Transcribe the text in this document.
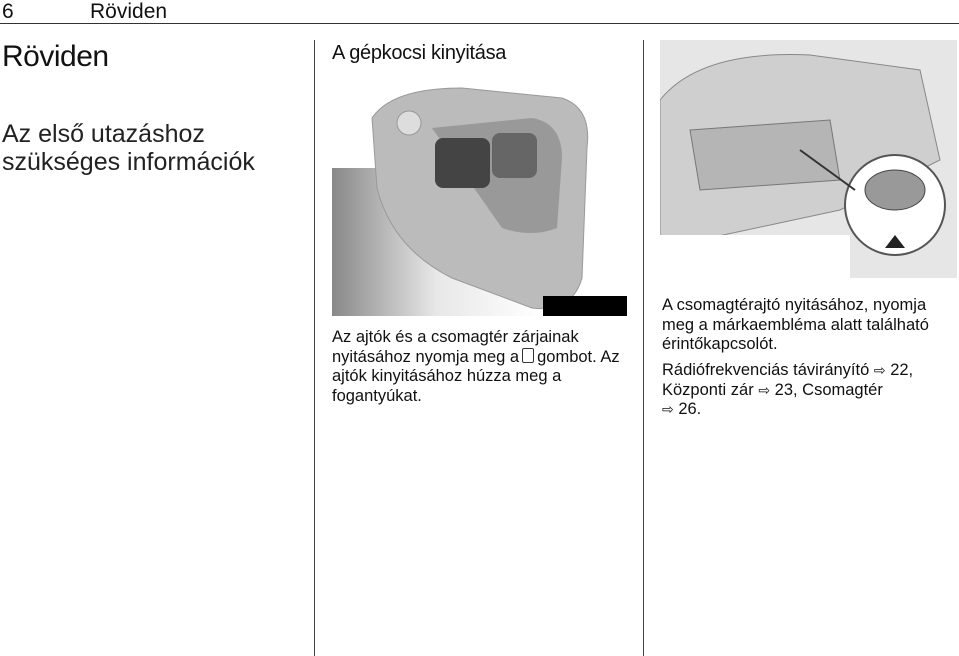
6	Röviden
Röviden
Az első utazáshoz
szükséges információk
A gépkocsi kinyitása
Az ajtók és a csomagtér zárjainak nyitásához nyomja meg a gombot. Az ajtók kinyitásához húzza meg a fogantyúkat.
A csomagtérajtó nyitásához, nyomja meg a márkaembléma alatt található érintőkapcsolót.
Rádiófrekvenciás távirányító ⇨ 22,
Központi zár ⇨ 23, Csomagtér
⇨ 26.
